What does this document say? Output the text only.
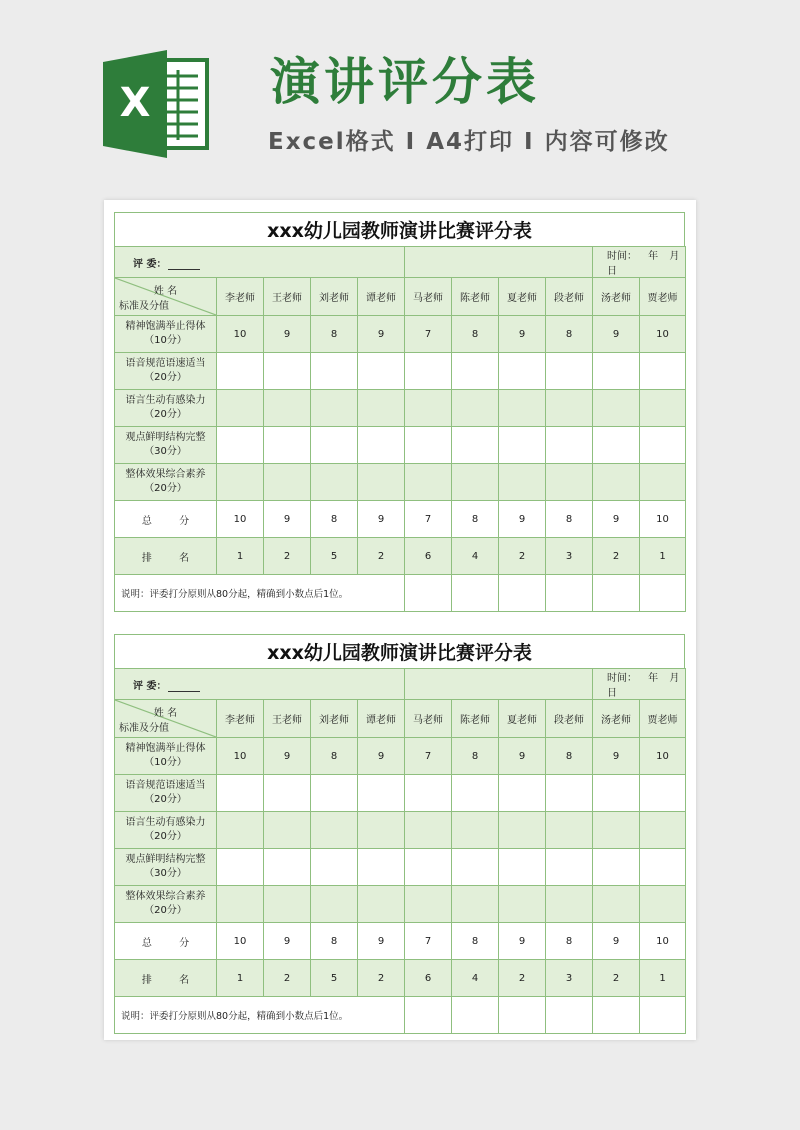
X 演讲评分表
Excel格式 I A4打印 I 内容可修改
xxx幼儿园教师演讲比赛评分表
评 委：									时间： 年 月 日	

姓 名
标准及分值	李老师	王老师	刘老师	谭老师	马老师	陈老师	夏老师	段老师	汤老师	贾老师

精神饱满举止得体
（10分）	10	9	8	9	7	8	9	8	9	10

语音规范语速适当
（20分）										

语言生动有感染力
（20分）										

观点鲜明结构完整
（30分）										

整体效果综合素养
（20分）										

总 分	10	9	8	9	7	8	9	8	9	10
排 名	1	2	5	2	6	4	2	3	2	1
说明：评委打分原则从80分起，精确到小数点后1位。										
xxx幼儿园教师演讲比赛评分表
评 委：									时间： 年 月 日	

姓 名
标准及分值	李老师	王老师	刘老师	谭老师	马老师	陈老师	夏老师	段老师	汤老师	贾老师

精神饱满举止得体
（10分）	10	9	8	9	7	8	9	8	9	10

语音规范语速适当
（20分）										

语言生动有感染力
（20分）										

观点鲜明结构完整
（30分）										

整体效果综合素养
（20分）										

总 分	10	9	8	9	7	8	9	8	9	10
排 名	1	2	5	2	6	4	2	3	2	1
说明：评委打分原则从80分起，精确到小数点后1位。										
